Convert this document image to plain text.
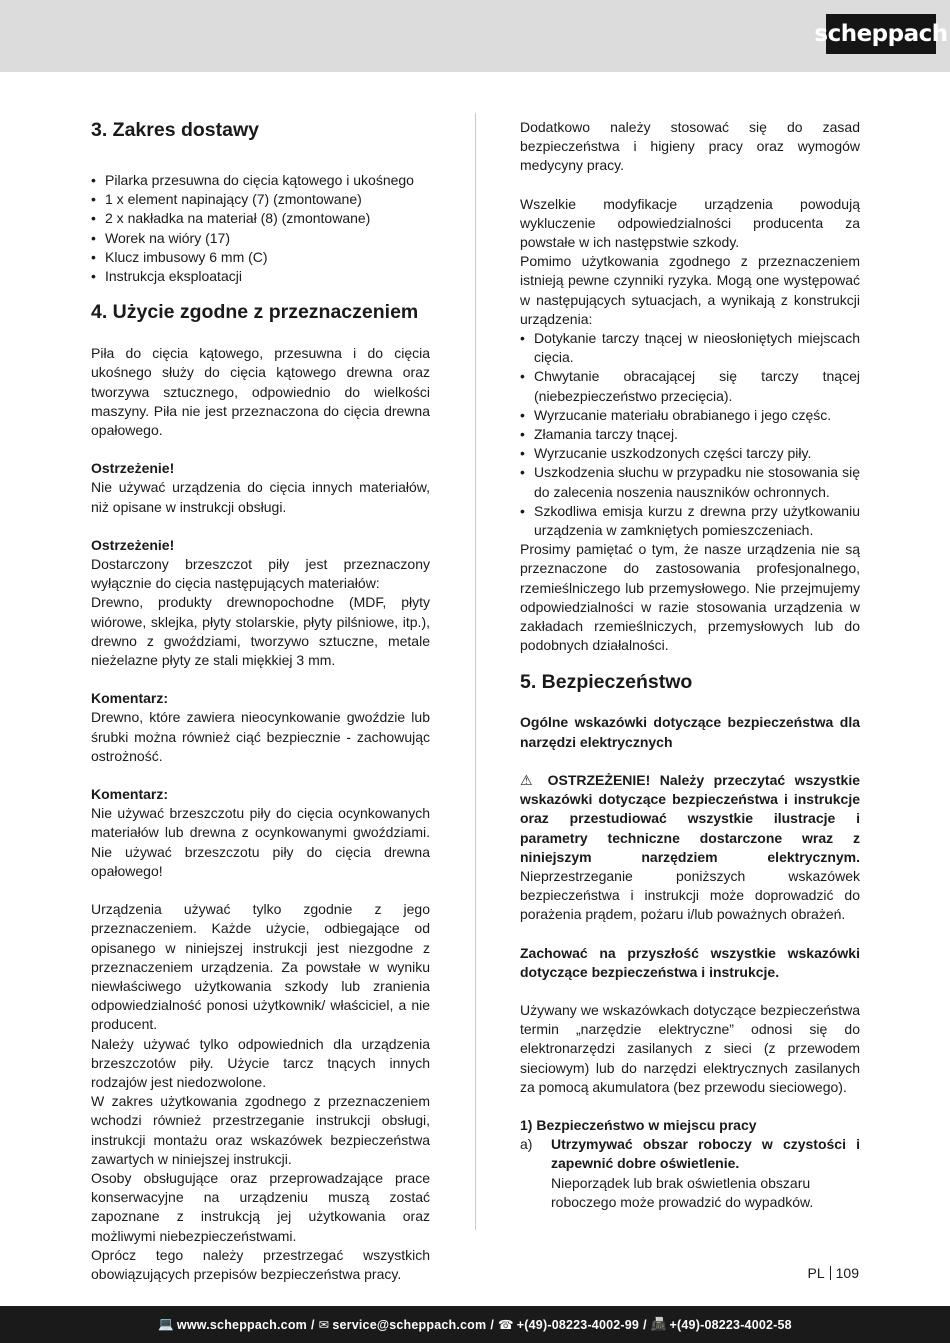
scheppach
3. Zakres dostawy
• Pilarka przesuwna do cięcia kątowego i ukośnego
• 1 x element napinający (7) (zmontowane)
• 2 x nakładka na materiał (8) (zmontowane)
• Worek na wióry (17)
• Klucz imbusowy 6 mm (C)
• Instrukcja eksploatacji
4. Użycie zgodne z przeznaczeniem

Piła do cięcia kątowego, przesuwna i do cięcia ukośnego służy do cięcia kątowego drewna oraz tworzywa sztucznego, odpowiednio do wielkości maszyny. Piła nie jest przeznaczona do cięcia drewna opałowego.

Ostrzeżenie!

Nie używać urządzenia do cięcia innych materiałów, niż opisane w instrukcji obsługi.

Ostrzeżenie!

Dostarczony brzeszczot piły jest przeznaczony wyłącznie do cięcia następujących materiałów:

Drewno, produkty drewnopochodne (MDF, płyty wiórowe, sklejka, płyty stolarskie, płyty pilśniowe, itp.), drewno z gwoździami, tworzywo sztuczne, metale nieżelazne płyty ze stali miękkiej 3 mm.

Komentarz:

Drewno, które zawiera nieocynkowanie gwoździe lub śrubki można również ciąć bezpiecznie - zachowując ostrożność.

Komentarz:

Nie używać brzeszczotu piły do cięcia ocynkowanych materiałów lub drewna z ocynkowanymi gwoździami. Nie używać brzeszczotu piły do cięcia drewna opałowego!

Urządzenia używać tylko zgodnie z jego przeznaczeniem. Każde użycie, odbiegające od opisanego w niniejszej instrukcji jest niezgodne z przeznaczeniem urządzenia. Za powstałe w wyniku niewłaściwego użytkowania szkody lub zranienia odpowiedzialność ponosi użytkownik/ właściciel, a nie producent.

Należy używać tylko odpowiednich dla urządzenia brzeszczotów piły. Użycie tarcz tnących innych rodzajów jest niedozwolone.

W zakres użytkowania zgodnego z przeznaczeniem wchodzi również przestrzeganie instrukcji obsługi, instrukcji montażu oraz wskazówek bezpieczeństwa zawartych w niniejszej instrukcji.

Osoby obsługujące oraz przeprowadzające prace konserwacyjne na urządzeniu muszą zostać zapoznane z instrukcją jej użytkowania oraz możliwymi niebezpieczeństwami.

Oprócz tego należy przestrzegać wszystkich obowiązujących przepisów bezpieczeństwa pracy.

Dodatkowo należy stosować się do zasad bezpieczeństwa i higieny pracy oraz wymogów medycyny pracy.

Wszelkie modyfikacje urządzenia powodują wykluczenie odpowiedzialności producenta za powstałe w ich następstwie szkody.

Pomimo użytkowania zgodnego z przeznaczeniem istnieją pewne czynniki ryzyka. Mogą one występować w następujących sytuacjach, a wynikają z konstrukcji urządzenia:

• Dotykanie tarczy tnącej w nieosłoniętych miejscach cięcia.
• Chwytanie obracającej się tarczy tnącej (niebezpieczeństwo przecięcia).
• Wyrzucanie materiału obrabianego i jego częśc.
• Złamania tarczy tnącej.
• Wyrzucanie uszkodzonych części tarczy piły.
• Uszkodzenia słuchu w przypadku nie stosowania się do zalecenia noszenia nauszników ochronnych.
• Szkodliwa emisja kurzu z drewna przy użytkowaniu urządzenia w zamkniętych pomieszczeniach.

Prosimy pamiętać o tym, że nasze urządzenia nie są przeznaczone do zastosowania profesjonalnego, rzemieślniczego lub przemysłowego. Nie przejmujemy odpowiedzialności w razie stosowania urządzenia w zakładach rzemieślniczych, przemysłowych lub do podobnych działalności.

5. Bezpieczeństwo

Ogólne wskazówki dotyczące bezpieczeństwa dla narzędzi elektrycznych

⚠ OSTRZEŻENIE! Należy przeczytać wszystkie wskazówki dotyczące bezpieczeństwa i instrukcje oraz przestudiować wszystkie ilustracje i parametry techniczne dostarczone wraz z niniejszym narzędziem elektrycznym. Nieprzestrzeganie poniższych wskazówek bezpieczeństwa i instrukcji może doprowadzić do porażenia prądem, pożaru i/lub poważnych obrażeń.

Zachować na przyszłość wszystkie wskazówki dotyczące bezpieczeństwa i instrukcje.

Używany we wskazówkach dotyczące bezpieczeństwa termin „narzędzie elektryczne” odnosi się do elektronarzędzi zasilanych z sieci (z przewodem sieciowym) lub do narzędzi elektrycznych zasilanych za pomocą akumulatora (bez przewodu sieciowego).

1) Bezpieczeństwo w miejscu pracy

a)	Utrzymywać obszar roboczy w czystości i zapewnić dobre oświetlenie.

Nieporządek lub brak oświetlenia obszaru roboczego może prowadzić do wypadków.

PL 109
💻 www.scheppach.com / ✉ service@scheppach.com / ☎ +(49)-08223-4002-99 / 📠 +(49)-08223-4002-58
